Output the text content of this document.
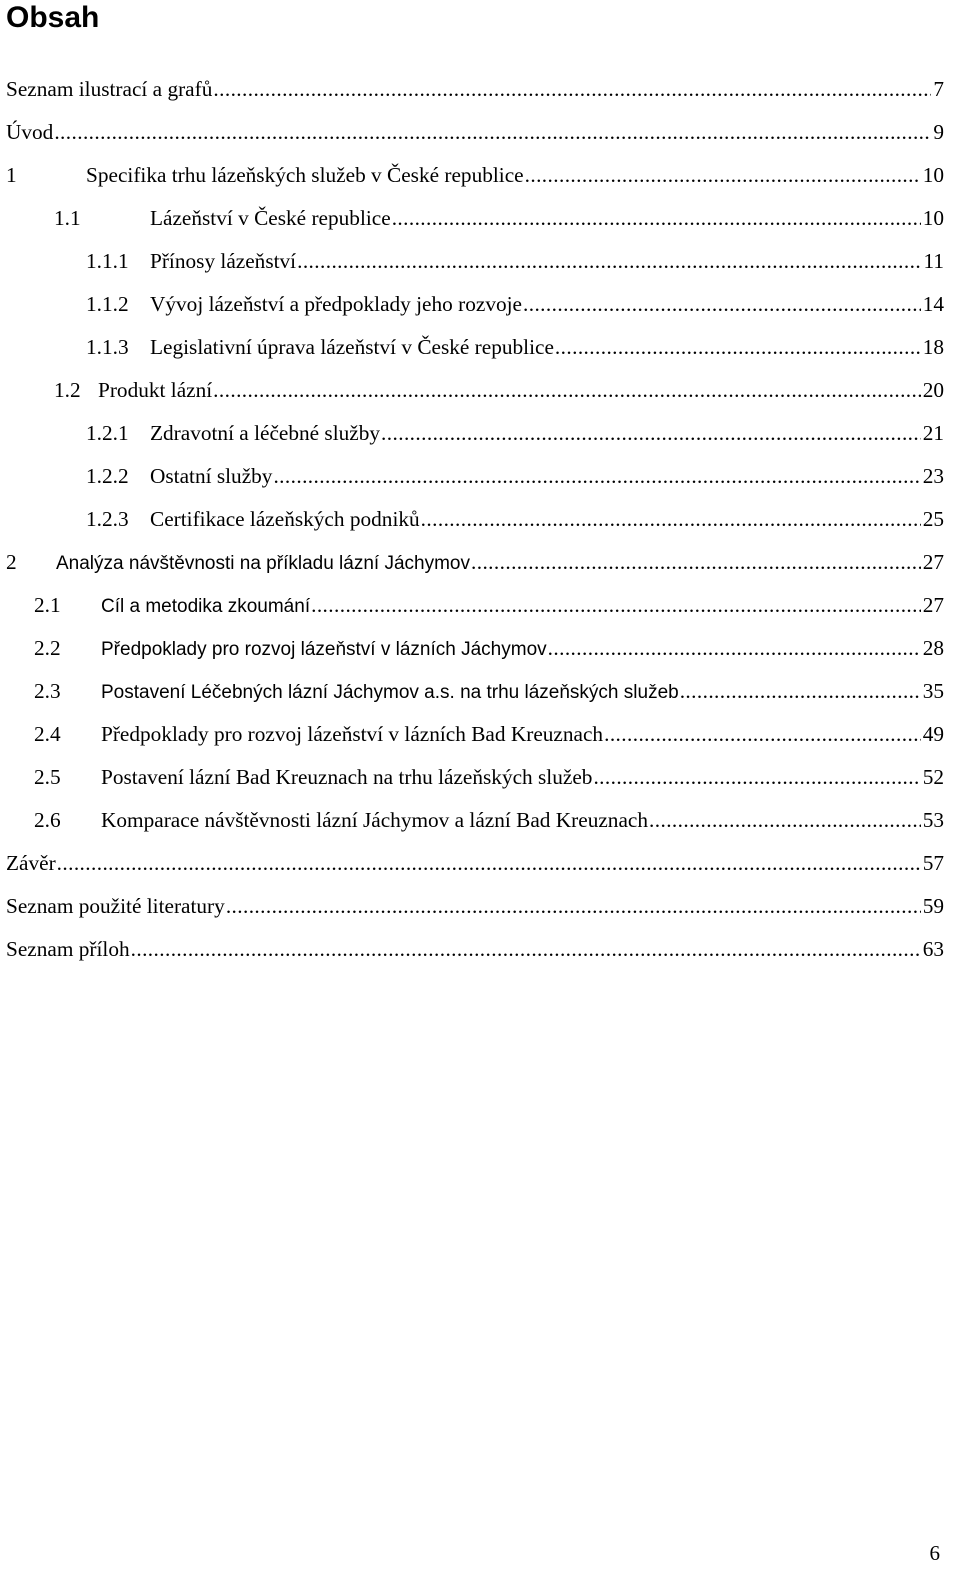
Obsah
Seznam ilustrací a grafů .....	7
Úvod .....	9
1	Specifika trhu lázeňských služeb v České republice .....	10
1.1	Lázeňství v České republice .....	10
1.1.1 Přínosy lázeňství .....	11
1.1.2 Vývoj lázeňství a předpoklady jeho rozvoje .....	14
1.1.3 Legislativní úprava lázeňství v České republice .....	18
1.2 Produkt lázní .....	20
1.2.1 Zdravotní a léčebné služby .....	21
1.2.2 Ostatní služby .....	23
1.2.3 Certifikace lázeňských podniků .....	25
2 Analýza návštěvnosti na příkladu lázní Jáchymov .....	27
2.1 Cíl a metodika zkoumání .....	27
2.2 Předpoklady pro rozvoj lázeňství v lázních Jáchymov .....	28
2.3 Postavení Léčebných lázní Jáchymov a.s. na trhu lázeňských služeb .....	35
2.4 Předpoklady pro rozvoj lázeňství v lázních Bad Kreuznach .....	49
2.5 Postavení lázní Bad Kreuznach na trhu lázeňských služeb .....	52
2.6 Komparace návštěvnosti lázní Jáchymov a lázní Bad Kreuznach .....	53
Závěr .....	57
Seznam použité literatury .....	59
Seznam příloh .....	63
6
